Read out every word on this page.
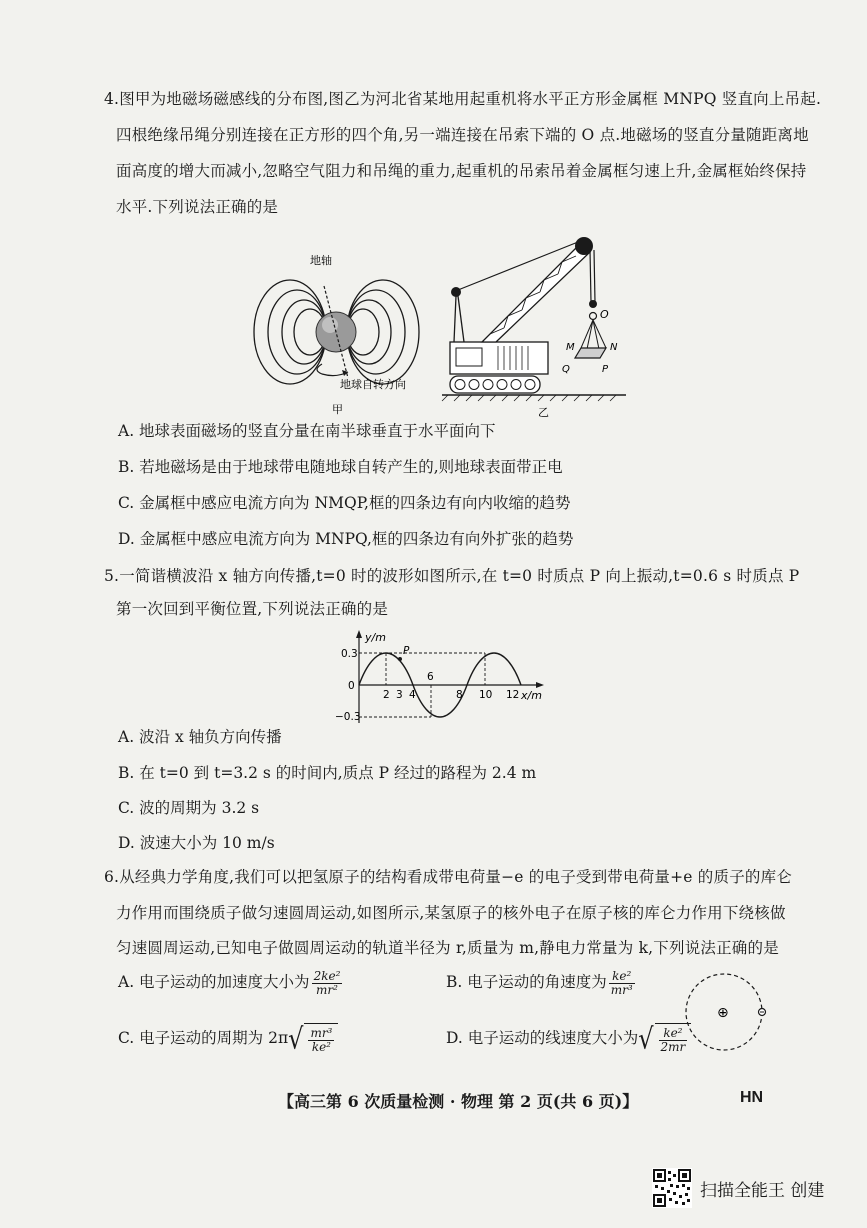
4.图甲为地磁场磁感线的分布图,图乙为河北省某地用起重机将水平正方形金属框 MNPQ 竖直向上吊起.
四根绝缘吊绳分别连接在正方形的四个角,另一端连接在吊索下端的 O 点.地磁场的竖直分量随距离地
面高度的增大而减小,忽略空气阻力和吊绳的重力,起重机的吊索吊着金属框匀速上升,金属框始终保持
水平.下列说法正确的是
地轴
地球自转方向
甲
O
M	N
P
Q
乙
A. 地球表面磁场的竖直分量在南半球垂直于水平面向下
B. 若地磁场是由于地球带电随地球自转产生的,则地球表面带正电
C. 金属框中感应电流方向为 NMQP,框的四条边有向内收缩的趋势
D. 金属框中感应电流方向为 MNPQ,框的四条边有向外扩张的趋势
5.一简谐横波沿 x 轴方向传播,t=0 时的波形如图所示,在 t=0 时质点 P 向上振动,t=0.6 s 时质点 P
第一次回到平衡位置,下列说法正确的是
y/m
x/m
0.3
0
−0.3
P
2 3 4
6
8 10 12
A. 波沿 x 轴负方向传播
B. 在 t=0 到 t=3.2 s 的时间内,质点 P 经过的路程为 2.4 m
C. 波的周期为 3.2 s
D. 波速大小为 10 m/s
6.从经典力学角度,我们可以把氢原子的结构看成带电荷量−e 的电子受到带电荷量+e 的质子的库仑
力作用而围绕质子做匀速圆周运动,如图所示,某氢原子的核外电子在原子核的库仑力作用下绕核做
匀速圆周运动,已知电子做圆周运动的轨道半径为 r,质量为 m,静电力常量为 k,下列说法正确的是
A. 电子运动的加速度大小为 $\frac{\text{2ke²}}{\text{mr²}}$	B. 电子运动的角速度为 $\frac{\text{ke²}}{\text{mr³}}$
C. 电子运动的周期为 $2\pi√ \frac{\text{mr³}}{\text{ke²}}$	D. 电子运动的线速度大小为√ $\frac{\text{ke²}}{2mr}$
⊕
【高三第 6 次质量检测 · 物理 第 2 页(共 6 页)】	HN
扫描全能王 创建
